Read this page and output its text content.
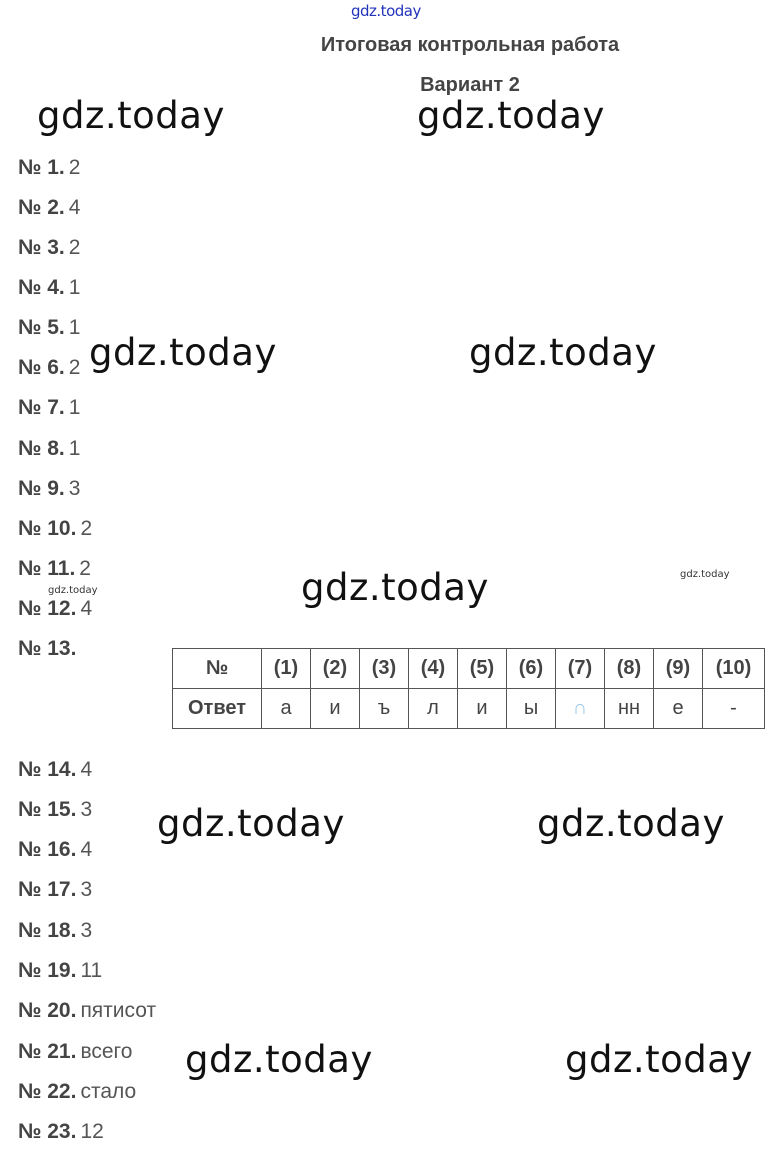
gdz.today
Итоговая контрольная работа
Вариант 2
gdz.today	gdz.today
gdz.today	gdz.today
gdz.today
gdz.today	gdz.today
gdz.today	gdz.today
gdz.today
gdz.today
№ 1. 2
№ 2. 4
№ 3. 2
№ 4. 1
№ 5. 1
№ 6. 2
№ 7. 1
№ 8. 1
№ 9. 3
№ 10. 2
№ 11. 2
№ 12. 4
№ 13.
№	(1)	(2)	(3)	(4)	(5)	(6)	(7)	(8)	(9)	(10)
Ответ	а	и	ъ	л	и	ы	∩	нн	е	-
№ 14. 4
№ 15. 3
№ 16. 4
№ 17. 3
№ 18. 3
№ 19. 11
№ 20. пятисот
№ 21. всего
№ 22. стало
№ 23. 12
